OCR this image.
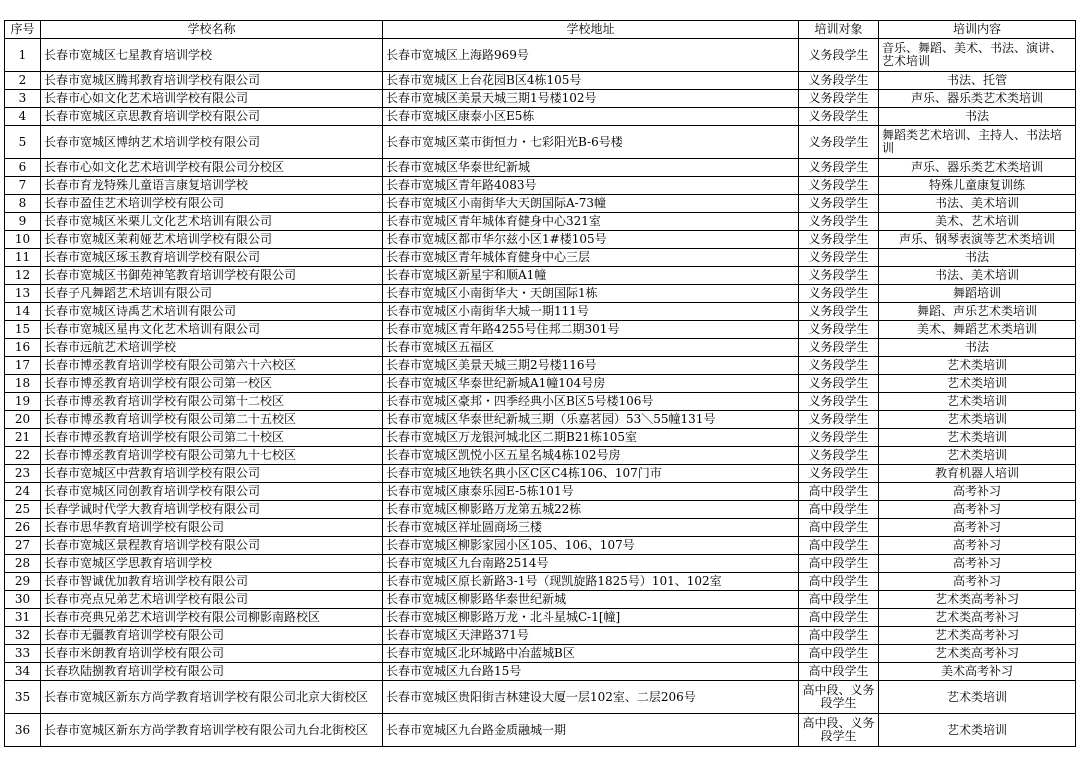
序号	学校名称	学校地址	培训对象	培训内容
1	长春市宽城区七星教育培训学校	长春市宽城区上海路969号	义务段学生	音乐、舞蹈、美术、书法、演讲、艺术培训
2	长春市宽城区腾邦教育培训学校有限公司	长春市宽城区上台花园B区4栋105号	义务段学生	书法、托管
3	长春市心如文化艺术培训学校有限公司	长春市宽城区美景天城三期1号楼102号	义务段学生	声乐、器乐类艺术类培训
4	长春市宽城区京思教育培训学校有限公司	长春市宽城区康泰小区E5栋	义务段学生	书法
5	长春市宽城区博纳艺术培训学校有限公司	长春市宽城区菜市街恒力・七彩阳光B-6号楼	义务段学生	舞蹈类艺术培训、主持人、书法培训
6	长春市心如文化艺术培训学校有限公司分校区	长春市宽城区华泰世纪新城	义务段学生	声乐、器乐类艺术类培训
7	长春市育龙特殊儿童语言康复培训学校	长春市宽城区青年路4083号	义务段学生	特殊儿童康复训练
8	长春市盈佳艺术培训学校有限公司	长春市宽城区小南街华大天朗国际A-73幢	义务段学生	书法、美术培训
9	长春市宽城区米栗儿文化艺术培训有限公司	长春市宽城区青年城体育健身中心321室	义务段学生	美术、艺术培训
10	长春市宽城区茉莉娅艺术培训学校有限公司	长春市宽城区都市华尔兹小区1#楼105号	义务段学生	声乐、钢琴表演等艺术类培训
11	长春市宽城区琢玉教育培训学校有限公司	长春市宽城区青年城体育健身中心三层	义务段学生	书法
12	长春市宽城区书御苑神笔教育培训学校有限公司	长春市宽城区新星宇和顺A1幢	义务段学生	书法、美术培训
13	长春子凡舞蹈艺术培训有限公司	长春市宽城区小南街华大・天朗国际1栋	义务段学生	舞蹈培训
14	长春市宽城区诗禹艺术培训有限公司	长春市宽城区小南街华大城一期111号	义务段学生	舞蹈、声乐艺术类培训
15	长春市宽城区星冉文化艺术培训有限公司	长春市宽城区青年路4255号住邦二期301号	义务段学生	美术、舞蹈艺术类培训
16	长春市远航艺术培训学校	长春市宽城区五福区	义务段学生	书法
17	长春市博丞教育培训学校有限公司第六十六校区	长春市宽城区美景天城三期2号楼116号	义务段学生	艺术类培训
18	长春市博丞教育培训学校有限公司第一校区	长春市宽城区华泰世纪新城A1幢104号房	义务段学生	艺术类培训
19	长春市博丞教育培训学校有限公司第十二校区	长春市宽城区豪邦・四季经典小区B区5号楼106号	义务段学生	艺术类培训
20	长春市博丞教育培训学校有限公司第二十五校区	长春市宽城区华泰世纪新城三期（乐嘉茗园）53＼55幢131号	义务段学生	艺术类培训
21	长春市博丞教育培训学校有限公司第二十校区	长春市宽城区万龙银河城北区二期B21栋105室	义务段学生	艺术类培训
22	长春市博丞教育培训学校有限公司第九十七校区	长春市宽城区凯悦小区五星名城4栋102号房	义务段学生	艺术类培训
23	长春市宽城区中营教育培训学校有限公司	长春市宽城区地铁名典小区C区C4栋106、107门市	义务段学生	教育机器人培训
24	长春市宽城区同创教育培训学校有限公司	长春市宽城区康泰乐园E-5栋101号	高中段学生	高考补习
25	长春学诚时代学大教育培训学校有限公司	长春市宽城区柳影路万龙第五城22栋	高中段学生	高考补习
26	长春市思华教育培训学校有限公司	长春市宽城区祥址圆商场三楼	高中段学生	高考补习
27	长春市宽城区景程教育培训学校有限公司	长春市宽城区柳影家园小区105、106、107号	高中段学生	高考补习
28	长春市宽城区学思教育培训学校	长春市宽城区九台南路2514号	高中段学生	高考补习
29	长春市智诚优加教育培训学校有限公司	长春市宽城区原长新路3-1号（现凯旋路1825号）101、102室	高中段学生	高考补习
30	长春市亮点兄弟艺术培训学校有限公司	长春市宽城区柳影路华泰世纪新城	高中段学生	艺术类高考补习
31	长春市亮典兄弟艺术培训学校有限公司柳影南路校区	长春市宽城区柳影路万龙・北斗星城C-1[幢]	高中段学生	艺术类高考补习
32	长春市无疆教育培训学校有限公司	长春市宽城区天津路371号	高中段学生	艺术类高考补习
33	长春市米朗教育培训学校有限公司	长春市宽城区北环城路中冶蓝城B区	高中段学生	艺术类高考补习
34	长春玖陆捌教育培训学校有限公司	长春市宽城区九台路15号	高中段学生	美术高考补习
35	长春市宽城区新东方尚学教育培训学校有限公司北京大街校区	长春市宽城区贵阳街吉林建设大厦一层102室、二层206号	高中段、义务段学生	艺术类培训
36	长春市宽城区新东方尚学教育培训学校有限公司九台北街校区	长春市宽城区九台路金质融城一期	高中段、义务段学生	艺术类培训
